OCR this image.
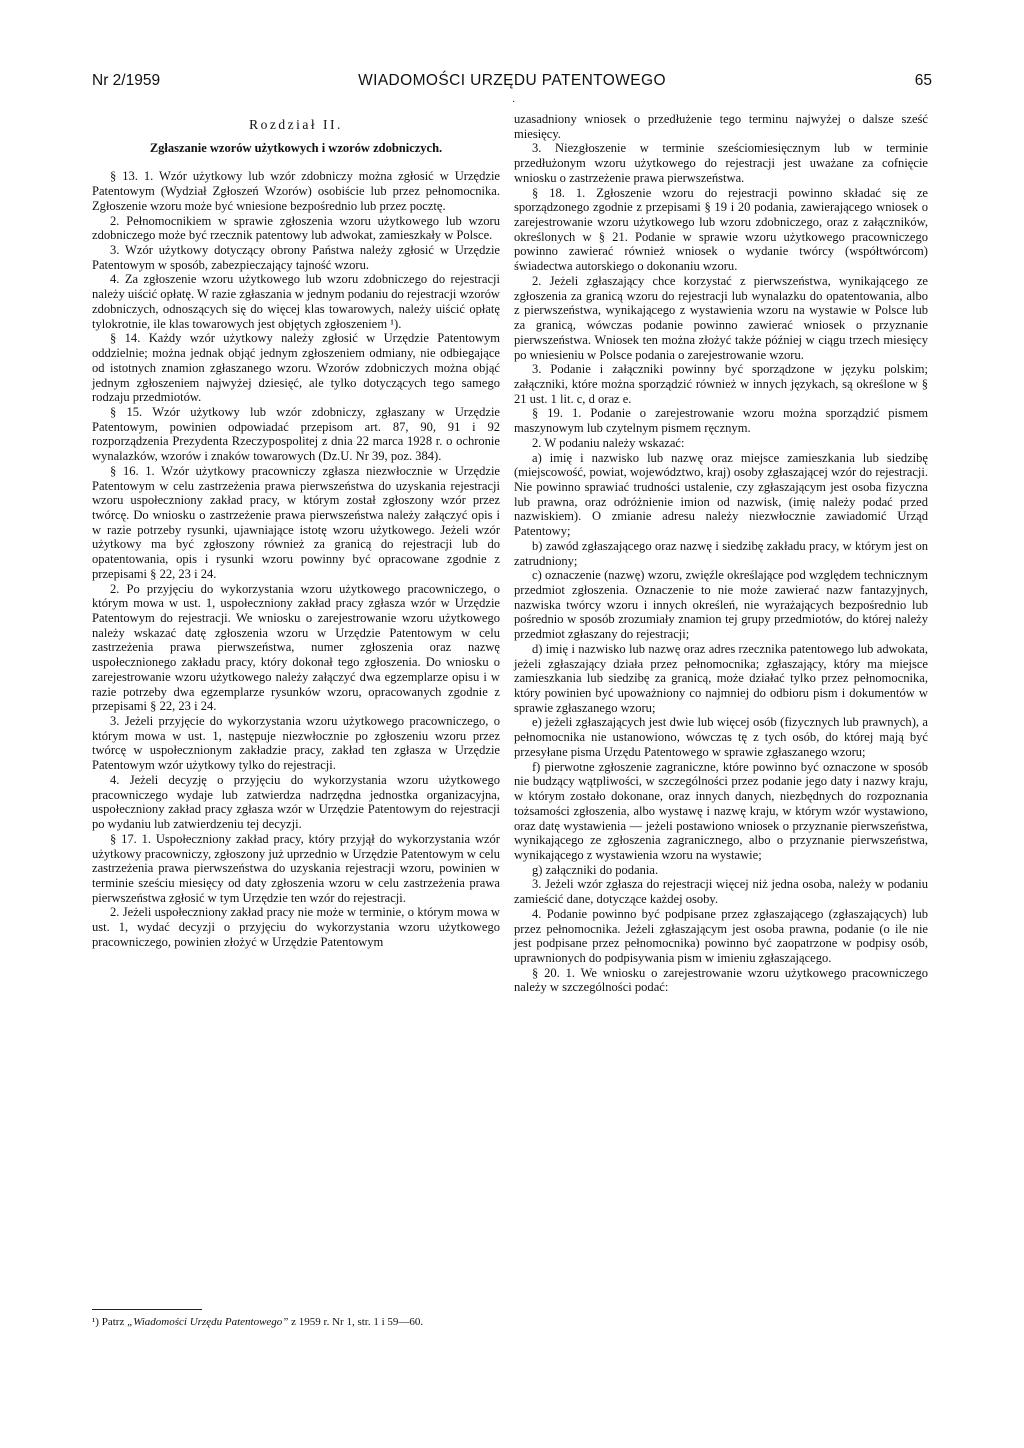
Nr 2/1959	WIADOMOŚCI URZĘDU PATENTOWEGO	65
·

Rozdział II.

Zgłaszanie wzorów użytkowych i wzorów zdobniczych.

§ 13. 1. Wzór użytkowy lub wzór zdobniczy można zgłosić w Urzędzie Patentowym (Wydział Zgłoszeń Wzorów) osobiście lub przez pełnomocnika. Zgłoszenie wzoru może być wniesione bezpośrednio lub przez pocztę.

2. Pełnomocnikiem w sprawie zgłoszenia wzoru użytkowego lub wzoru zdobniczego może być rzecznik patentowy lub adwokat, zamieszkały w Polsce.

3. Wzór użytkowy dotyczący obrony Państwa należy zgłosić w Urzędzie Patentowym w sposób, zabezpieczający tajność wzoru.

4. Za zgłoszenie wzoru użytkowego lub wzoru zdobniczego do rejestracji należy uiścić opłatę. W razie zgłaszania w jednym podaniu do rejestracji wzorów zdobniczych, odnoszących się do więcej klas towarowych, należy uiścić opłatę tylokrotnie, ile klas towarowych jest objętych zgłoszeniem ¹).

§ 14. Każdy wzór użytkowy należy zgłosić w Urzędzie Patentowym oddzielnie; można jednak objąć jednym zgłoszeniem odmiany, nie odbiegające od istotnych znamion zgłaszanego wzoru. Wzorów zdobniczych można objąć jednym zgłoszeniem najwyżej dziesięć, ale tylko dotyczących tego samego rodzaju przedmiotów.

§ 15. Wzór użytkowy lub wzór zdobniczy, zgłaszany w Urzędzie Patentowym, powinien odpowiadać przepisom art. 87, 90, 91 i 92 rozporządzenia Prezydenta Rzeczypospolitej z dnia 22 marca 1928 r. o ochronie wynalazków, wzorów i znaków towarowych (Dz.U. Nr 39, poz. 384).

§ 16. 1. Wzór użytkowy pracowniczy zgłasza niezwłocznie w Urzędzie Patentowym w celu zastrzeżenia prawa pierwszeństwa do uzyskania rejestracji wzoru uspołeczniony zakład pracy, w którym został zgłoszony wzór przez twórcę. Do wniosku o zastrzeżenie prawa pierwszeństwa należy załączyć opis i w razie potrzeby rysunki, ujawniające istotę wzoru użytkowego. Jeżeli wzór użytkowy ma być zgłoszony również za granicą do rejestracji lub do opatentowania, opis i rysunki wzoru powinny być opracowane zgodnie z przepisami § 22, 23 i 24.

2. Po przyjęciu do wykorzystania wzoru użytkowego pracowniczego, o którym mowa w ust. 1, uspołeczniony zakład pracy zgłasza wzór w Urzędzie Patentowym do rejestracji. We wniosku o zarejestrowanie wzoru użytkowego należy wskazać datę zgłoszenia wzoru w Urzędzie Patentowym w celu zastrzeżenia prawa pierwszeństwa, numer zgłoszenia oraz nazwę uspołecznionego zakładu pracy, który dokonał tego zgłoszenia. Do wniosku o zarejestrowanie wzoru użytkowego należy załączyć dwa egzemplarze opisu i w razie potrzeby dwa egzemplarze rysunków wzoru, opracowanych zgodnie z przepisami § 22, 23 i 24.

3. Jeżeli przyjęcie do wykorzystania wzoru użytkowego pracowniczego, o którym mowa w ust. 1, następuje niezwłocznie po zgłoszeniu wzoru przez twórcę w uspołecznionym zakładzie pracy, zakład ten zgłasza w Urzędzie Patentowym wzór użytkowy tylko do rejestracji.

4. Jeżeli decyzję o przyjęciu do wykorzystania wzoru użytkowego pracowniczego wydaje lub zatwierdza nadrzędna jednostka organizacyjna, uspołeczniony zakład pracy zgłasza wzór w Urzędzie Patentowym do rejestracji po wydaniu lub zatwierdzeniu tej decyzji.

§ 17. 1. Uspołeczniony zakład pracy, który przyjął do wykorzystania wzór użytkowy pracowniczy, zgłoszony już uprzednio w Urzędzie Patentowym w celu zastrzeżenia prawa pierwszeństwa do uzyskania rejestracji wzoru, powinien w terminie sześciu miesięcy od daty zgłoszenia wzoru w celu zastrzeżenia prawa pierwszeństwa zgłosić w tym Urzędzie ten wzór do rejestracji.

2. Jeżeli uspołeczniony zakład pracy nie może w terminie, o którym mowa w ust. 1, wydać decyzji o przyjęciu do wykorzystania wzoru użytkowego pracowniczego, powinien złożyć w Urzędzie Patentowym

uzasadniony wniosek o przedłużenie tego terminu najwyżej o dalsze sześć miesięcy.

3. Niezgłoszenie w terminie sześciomiesięcznym lub w terminie przedłużonym wzoru użytkowego do rejestracji jest uważane za cofnięcie wniosku o zastrzeżenie prawa pierwszeństwa.

§ 18. 1. Zgłoszenie wzoru do rejestracji powinno składać się ze sporządzonego zgodnie z przepisami § 19 i 20 podania, zawierającego wniosek o zarejestrowanie wzoru użytkowego lub wzoru zdobniczego, oraz z załączników, określonych w § 21. Podanie w sprawie wzoru użytkowego pracowniczego powinno zawierać również wniosek o wydanie twórcy (współtwórcom) świadectwa autorskiego o dokonaniu wzoru.

2. Jeżeli zgłaszający chce korzystać z pierwszeństwa, wynikającego ze zgłoszenia za granicą wzoru do rejestracji lub wynalazku do opatentowania, albo z pierwszeństwa, wynikającego z wystawienia wzoru na wystawie w Polsce lub za granicą, wówczas podanie powinno zawierać wniosek o przyznanie pierwszeństwa. Wniosek ten można złożyć także później w ciągu trzech miesięcy po wniesieniu w Polsce podania o zarejestrowanie wzoru.

3. Podanie i załączniki powinny być sporządzone w języku polskim; załączniki, które można sporządzić również w innych językach, są określone w § 21 ust. 1 lit. c, d oraz e.

§ 19. 1. Podanie o zarejestrowanie wzoru można sporządzić pismem maszynowym lub czytelnym pismem ręcznym.

2. W podaniu należy wskazać:

a) imię i nazwisko lub nazwę oraz miejsce zamieszkania lub siedzibę (miejscowość, powiat, województwo, kraj) osoby zgłaszającej wzór do rejestracji. Nie powinno sprawiać trudności ustalenie, czy zgłaszającym jest osoba fizyczna lub prawna, oraz odróżnienie imion od nazwisk, (imię należy podać przed nazwiskiem). O zmianie adresu należy niezwłocznie zawiadomić Urząd Patentowy;

b) zawód zgłaszającego oraz nazwę i siedzibę zakładu pracy, w którym jest on zatrudniony;

c) oznaczenie (nazwę) wzoru, zwięźle określające pod względem technicznym przedmiot zgłoszenia. Oznaczenie to nie może zawierać nazw fantazyjnych, nazwiska twórcy wzoru i innych określeń, nie wyrażających bezpośrednio lub pośrednio w sposób zrozumiały znamion tej grupy przedmiotów, do której należy przedmiot zgłaszany do rejestracji;

d) imię i nazwisko lub nazwę oraz adres rzecznika patentowego lub adwokata, jeżeli zgłaszający działa przez pełnomocnika; zgłaszający, który ma miejsce zamieszkania lub siedzibę za granicą, może działać tylko przez pełnomocnika, który powinien być upoważniony co najmniej do odbioru pism i dokumentów w sprawie zgłaszanego wzoru;

e) jeżeli zgłaszających jest dwie lub więcej osób (fizycznych lub prawnych), a pełnomocnika nie ustanowiono, wówczas tę z tych osób, do której mają być przesyłane pisma Urzędu Patentowego w sprawie zgłaszanego wzoru;

f) pierwotne zgłoszenie zagraniczne, które powinno być oznaczone w sposób nie budzący wątpliwości, w szczególności przez podanie jego daty i nazwy kraju, w którym zostało dokonane, oraz innych danych, niezbędnych do rozpoznania tożsamości zgłoszenia, albo wystawę i nazwę kraju, w którym wzór wystawiono, oraz datę wystawienia — jeżeli postawiono wniosek o przyznanie pierwszeństwa, wynikającego ze zgłoszenia zagranicznego, albo o przyznanie pierwszeństwa, wynikającego z wystawienia wzoru na wystawie;

g) załączniki do podania.

3. Jeżeli wzór zgłasza do rejestracji więcej niż jedna osoba, należy w podaniu zamieścić dane, dotyczące każdej osoby.

4. Podanie powinno być podpisane przez zgłaszającego (zgłaszających) lub przez pełnomocnika. Jeżeli zgłaszającym jest osoba prawna, podanie (o ile nie jest podpisane przez pełnomocnika) powinno być zaopatrzone w podpisy osób, uprawnionych do podpisywania pism w imieniu zgłaszającego.

§ 20. 1. We wniosku o zarejestrowanie wzoru użytkowego pracowniczego należy w szczególności podać:

¹) Patrz „Wiadomości Urzędu Patentowego” z 1959 r. Nr 1, str. 1 i 59—60.
